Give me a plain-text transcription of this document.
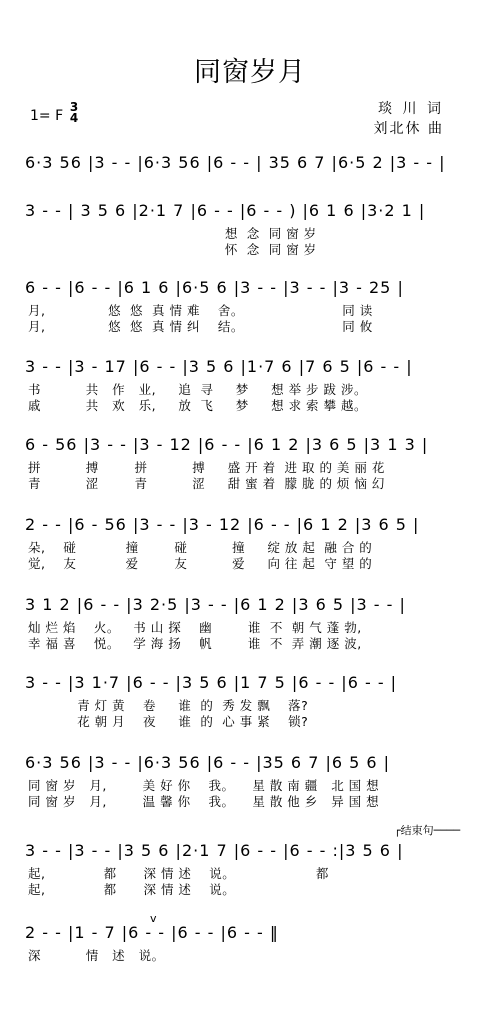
同窗岁月
1= F
3
4
琰 川 词
刘北休 曲
6·3 56 |3 - - |6·3 56 |6 - - | 35 6 7 |6·5 2 |3 - - |
3 - - | 3 5 6 |2·1 7 |6 - - |6 - - ) |6 1 6 |3·2 1 |
想  念  同 窗 岁
怀  念  同 窗 岁
6 - - |6 - - |6 1 6 |6·5 6 |3 - - |3 - - |3 - 25 |
月,              悠  悠  真 情 难    舍。                      同 读
月,              悠  悠  真 情 纠    结。                      同 攸
3 - - |3 - 17 |6 - - |3 5 6 |1·7 6 |7 6 5 |6 - - |
书          共   作   业,     追  寻     梦     想 举 步 跋 涉。
戚          共   欢   乐,     放  飞     梦     想 求 索 攀 越。
6 - 56 |3 - - |3 - 12 |6 - - |6 1 2 |3 6 5 |3 1 3 |
拼          搏        拼          搏     盛 开 着  进 取 的 美 丽 花
青          涩        青          涩     甜 蜜 着  朦 胧 的 烦 恼 幻
2 - - |6 - 56 |3 - - |3 - 12 |6 - - |6 1 2 |3 6 5 |
朵,    碰           撞        碰          撞     绽 放 起  融 合 的
觉,    友           爱        友          爱     向 往 起  守 望 的
3 1 2 |6 - - |3 2·5 |3 - - |6 1 2 |3 6 5 |3 - - |
灿 烂 焰    火。   书 山 探    幽        谁  不  朝 气 蓬 勃,
幸 福 喜    悦。   学 海 扬    帆        谁  不  弄 潮 逐 波,
3 - - |3 1·7 |6 - - |3 5 6 |1 7 5 |6 - - |6 - - |
青 灯 黄    卷     谁  的  秀 发 飘    落?
花 朝 月    夜     谁  的  心 事 紧    锁?
6·3 56 |3 - - |6·3 56 |6 - - |35 6 7 |6 5 6 |
同 窗 岁   月,        美 好 你    我。    星 散 南 疆   北 国 想
同 窗 岁   月,        温 馨 你    我。    星 散 他 乡   异 国 想
┌结束句────
3 - - |3 - - |3 5 6 |2·1 7 |6 - - |6 - - :|3 5 6 |
起,             都      深 情 述    说。                  都
起,             都      深 情 述    说。
v
2 - - |1 - 7 |6 - - |6 - - |6 - - ‖
深          情   述   说。
